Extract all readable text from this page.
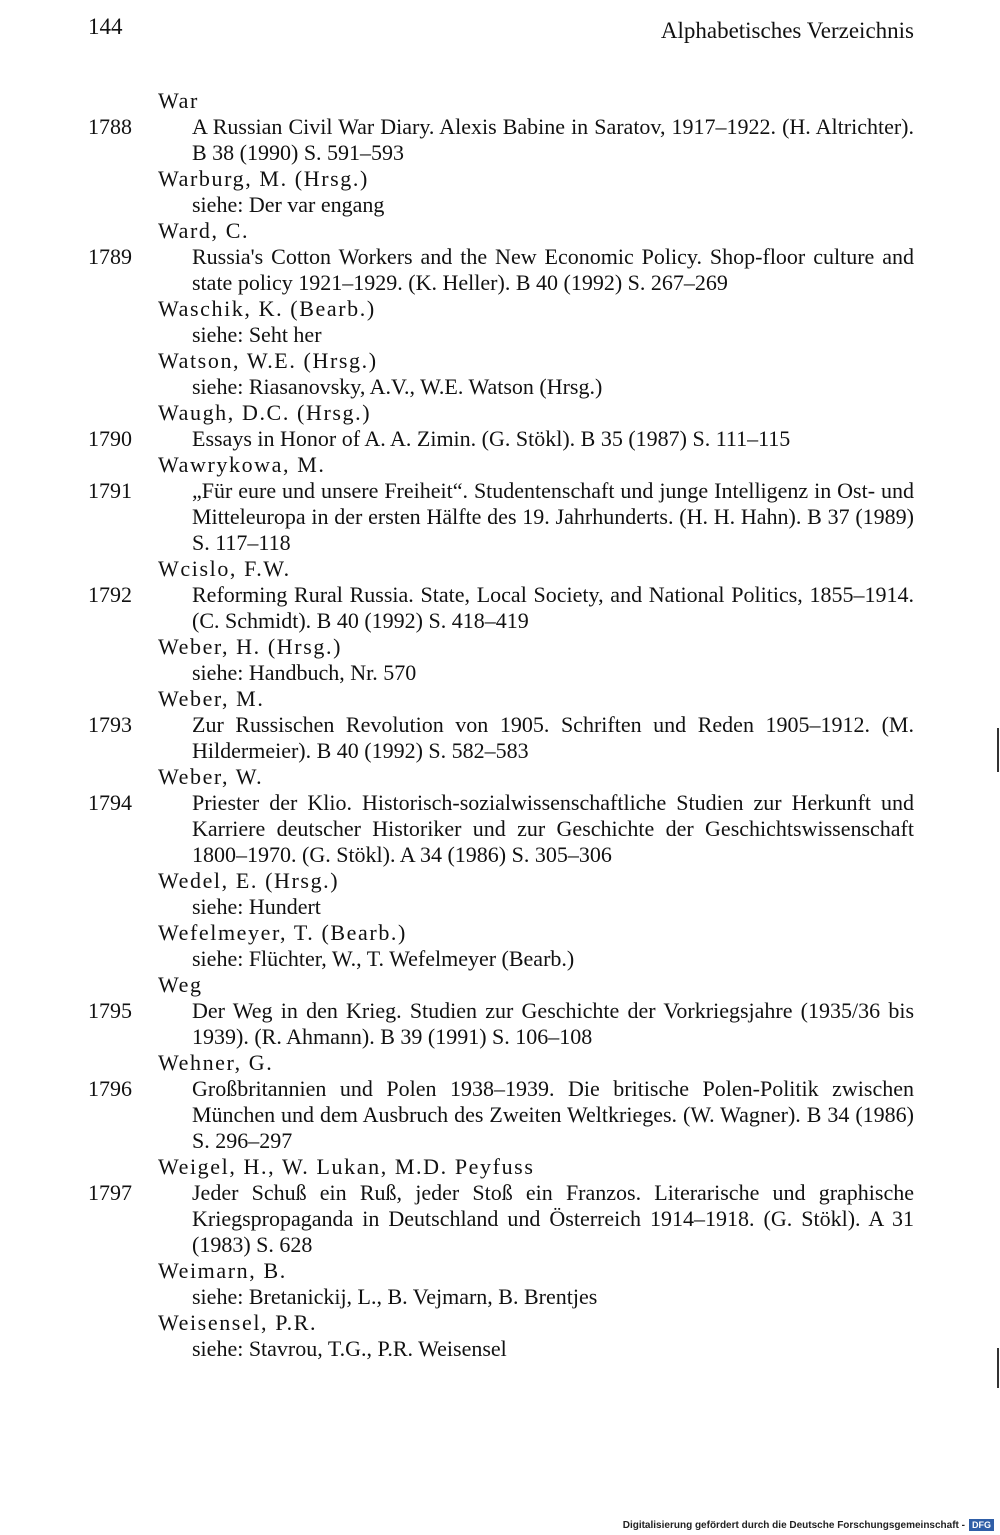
144	Alphabetisches Verzeichnis
War
1788	A Russian Civil War Diary. Alexis Babine in Saratov, 1917–1922. (H. Altrichter). B 38 (1990) S. 591–593
Warburg, M. (Hrsg.)
siehe: Der var engang
Ward, C.
1789	Russia's Cotton Workers and the New Economic Policy. Shop-floor culture and state policy 1921–1929. (K. Heller). B 40 (1992) S. 267–269
Waschik, K. (Bearb.)
siehe: Seht her
Watson, W.E. (Hrsg.)
siehe: Riasanovsky, A.V., W.E. Watson (Hrsg.)
Waugh, D.C. (Hrsg.)
1790	Essays in Honor of A. A. Zimin. (G. Stökl). B 35 (1987) S. 111–115
Wawrykowa, M.
1791	„Für eure und unsere Freiheit“. Studentenschaft und junge Intelligenz in Ost- und Mitteleuropa in der ersten Hälfte des 19. Jahrhunderts. (H. H. Hahn). B 37 (1989) S. 117–118
Wcislo, F.W.
1792	Reforming Rural Russia. State, Local Society, and National Politics, 1855–1914. (C. Schmidt). B 40 (1992) S. 418–419
Weber, H. (Hrsg.)
siehe: Handbuch, Nr. 570
Weber, M.
1793	Zur Russischen Revolution von 1905. Schriften und Reden 1905–1912. (M. Hildermeier). B 40 (1992) S. 582–583
Weber, W.
1794	Priester der Klio. Historisch-sozialwissenschaftliche Studien zur Herkunft und Karriere deutscher Historiker und zur Geschichte der Geschichtswissenschaft 1800–1970. (G. Stökl). A 34 (1986) S. 305–306
Wedel, E. (Hrsg.)
siehe: Hundert
Wefelmeyer, T. (Bearb.)
siehe: Flüchter, W., T. Wefelmeyer (Bearb.)
Weg
1795	Der Weg in den Krieg. Studien zur Geschichte der Vorkriegsjahre (1935/36 bis 1939). (R. Ahmann). B 39 (1991) S. 106–108
Wehner, G.
1796	Großbritannien und Polen 1938–1939. Die britische Polen-Politik zwischen München und dem Ausbruch des Zweiten Weltkrieges. (W. Wagner). B 34 (1986) S. 296–297
Weigel, H., W. Lukan, M.D. Peyfuss
1797	Jeder Schuß ein Ruß, jeder Stoß ein Franzos. Literarische und graphische Kriegspropaganda in Deutschland und Österreich 1914–1918. (G. Stökl). A 31 (1983) S. 628
Weimarn, B.
siehe: Bretanickij, L., B. Vejmarn, B. Brentjes
Weisensel, P.R.
siehe: Stavrou, T.G., P.R. Weisensel
Digitalisierung gefördert durch die Deutsche Forschungsgemeinschaft - DFG
